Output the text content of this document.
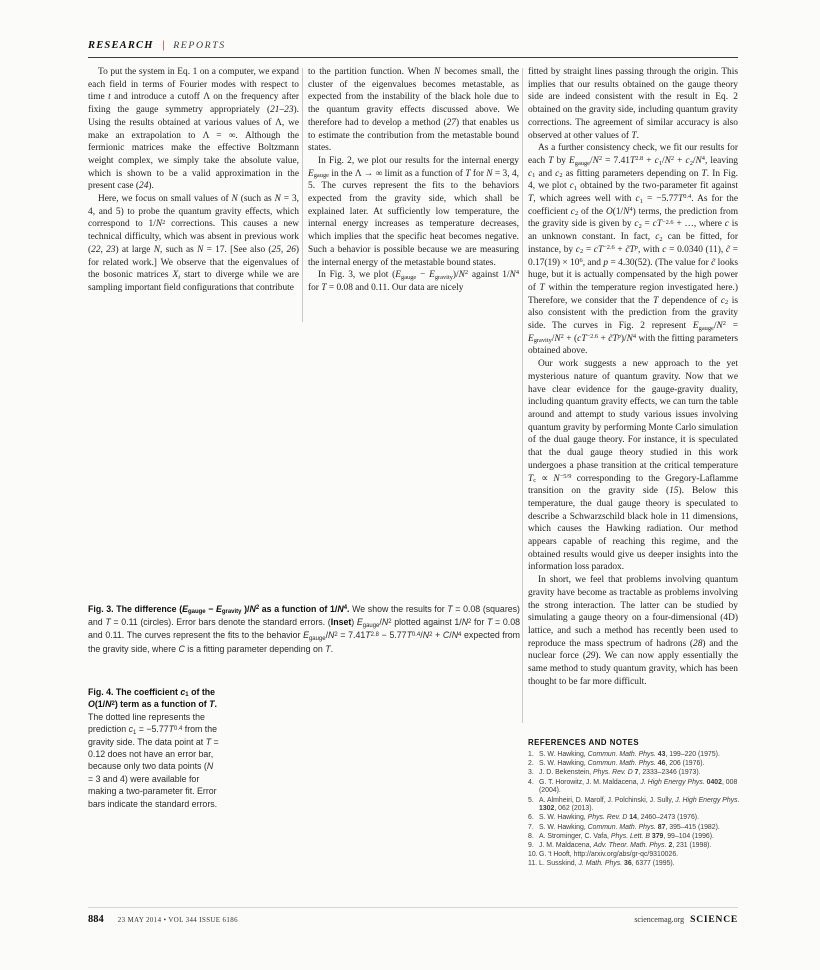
RESEARCH | REPORTS

To put the system in Eq. 1 on a computer, we expand each field in terms of Fourier modes with respect to time t and introduce a cutoff Λ on the frequency after fixing the gauge symmetry appropriately (21–23). Using the results obtained at various values of Λ, we make an extrapolation to Λ = ∞. Although the fermionic matrices make the effective Boltzmann weight complex, we simply take the absolute value, which is shown to be a valid approximation in the present case (24).

Here, we focus on small values of N (such as N = 3, 4, and 5) to probe the quantum gravity effects, which correspond to $1/N^2$ corrections. This causes a new technical difficulty, which was absent in previous work (22, 23) at large N, such as N = 17. [See also (25, 26) for related work.] We observe that the eigenvalues of the bosonic matrices $X_i$ start to diverge while we are sampling important field configurations that contribute

to the partition function. When N becomes small, the cluster of the eigenvalues becomes metastable, as expected from the instability of the black hole due to the quantum gravity effects discussed above. We therefore had to develop a method (27) that enables us to estimate the contribution from the metastable bound states.

In Fig. 2, we plot our results for the internal energy $E_{gauge}$ in the Λ → ∞ limit as a function of T for N = 3, 4, 5. The curves represent the fits to the behaviors expected from the gravity side, which shall be explained later. At sufficiently low temperature, the internal energy increases as temperature decreases, which implies that the specific heat becomes negative. Such a behavior is possible because we are measuring the internal energy of the metastable bound states.

In Fig. 3, we plot $(E_{gauge} - E_{gravity})/N^2$ against $1/N^4$ for T = 0.08 and 0.11. Our data are nicely

fitted by straight lines passing through the origin. This implies that our results obtained on the gauge theory side are indeed consistent with the result in Eq. 2 obtained on the gravity side, including quantum gravity corrections. The agreement of similar accuracy is also observed at other values of T.

As a further consistency check, we fit our results for each T by $E_{gauge}/N^2 = 7.41T^{2.8} + c_1/N^2 + c_2/N^4$, leaving $c_1$ and $c_2$ as fitting parameters depending on T. In Fig. 4, we plot $c_1$ obtained by the two-parameter fit against T, which agrees well with $c_1 = -5.77T^{0.4}$. As for the coefficient $c_2$ of the $O(1/N^4)$ terms, the prediction from the gravity side is given by $c_2 = cT^{-2.6}$ + …, where c is an unknown constant. In fact, $c_2$ can be fitted, for instance, by $c_2 = cT^{-2.6}$ + $c̃T^p$, with c = 0.0340 (11), c̃ = $0.17(19) \times 10^6$, and p = 4.30(52). (The value for c̃ looks huge, but it is actually compensated by the high power of T within the temperature region investigated here.) Therefore, we consider that the T dependence of $c_2$ is also consistent with the prediction from the gravity side. The curves in Fig. 2 represent $E_{gauge}/N^2 = E_{gravity}/N^2 + (cT^{-2.6}$ + $c̃T^p)/N^4$ with the fitting parameters obtained above.

Our work suggests a new approach to the yet mysterious nature of quantum gravity. Now that we have clear evidence for the gauge-gravity duality, including quantum gravity effects, we can turn the table around and attempt to study various issues involving quantum gravity by performing Monte Carlo simulation of the dual gauge theory. For instance, it is speculated that the dual gauge theory studied in this work undergoes a phase transition at the critical temperature $T_c \propto N^{-5/9}$ corresponding to the Gregory-Laflamme transition on the gravity side (15). Below this temperature, the dual gauge theory is speculated to describe a Schwarzschild black hole in 11 dimensions, which causes the Hawking radiation. Our method appears capable of reaching this regime, and the obtained results would give us deeper insights into the information loss paradox.

In short, we feel that problems involving quantum gravity have become as tractable as problems involving the strong interaction. The latter can be studied by simulating a gauge theory on a four-dimensional (4D) lattice, and such a method has recently been used to reproduce the mass spectrum of hadrons (28) and the nuclear force (29). We can now apply essentially the same method to study quantum gravity, which has been thought to be far more difficult.

Fig. 3. The difference ($E_{gauge} - E_{gravity}$ )$/N^2$ as a function of $1/N^4$. We show the results for T = 0.08 (squares) and T = 0.11 (circles). Error bars denote the standard errors. (Inset) $E_{gauge}/N^2$ plotted against $1/N^2$ for T = 0.08 and 0.11. The curves represent the fits to the behavior $E_{gauge}/N^2 = 7.41T^{2.8} - 5.77T^{0.4}/N^2 + C/N^4$ expected from the gravity side, where C is a fitting parameter depending on T.
Fig. 4. The coefficient $c_1$ of the $O(1/N^2)$ term as a function of T. The dotted line represents the prediction $c_1 = -5.77T^{0.4}$ from the gravity side. The data point at T = 0.12 does not have an error bar, because only two data points (N = 3 and 4) were available for making a two-parameter fit. Error bars indicate the standard errors.
REFERENCES AND NOTES
1. S. W. Hawking, Commun. Math. Phys. 43, 199–220 (1975).
2. S. W. Hawking, Commun. Math. Phys. 46, 206 (1976).
3. J. D. Bekenstein, Phys. Rev. D 7, 2333–2346 (1973).
4. G. T. Horowitz, J. M. Maldacena, J. High Energy Phys. 0402, 008 (2004).
5. A. Almheiri, D. Marolf, J. Polchinski, J. Sully, J. High Energy Phys. 1302, 062 (2013).
6. S. W. Hawking, Phys. Rev. D 14, 2460–2473 (1976).
7. S. W. Hawking, Commun. Math. Phys. 87, 395–415 (1982).
8. A. Strominger, C. Vafa, Phys. Lett. B 379, 99–104 (1996).
9. J. M. Maldacena, Adv. Theor. Math. Phys. 2, 231 (1998).
10. G. 't Hooft, http://arxiv.org/abs/gr-qc/9310026.
11. L. Susskind, J. Math. Phys. 36, 6377 (1995).
884 23 MAY 2014 • VOL 344 ISSUE 6186	sciencemag.org SCIENCE
